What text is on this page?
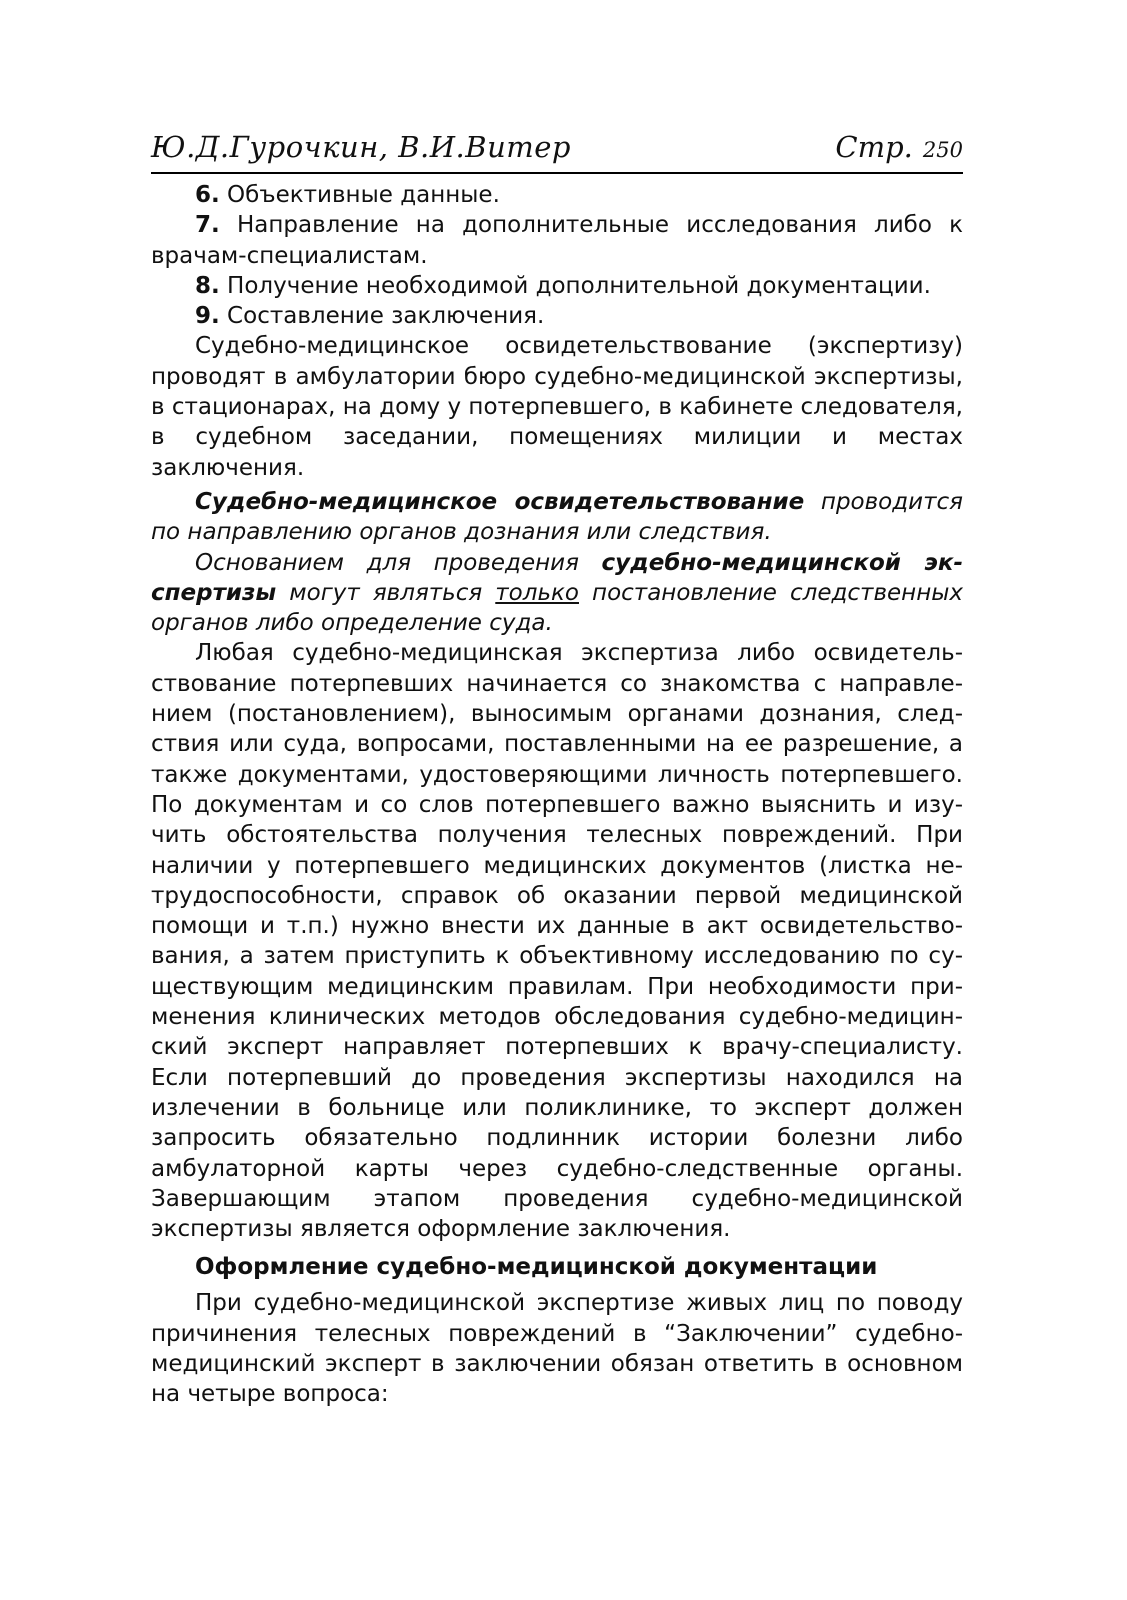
Ю.Д.Гурочкин, В.И.Витер	Стр. 250

6. Объективные данные.

7. Направление на дополнительные исследования либо к врачам-специалистам.

8. Получение необходимой дополнительной документации.

9. Составление заключения.

Судебно-медицинское освидетельствование (экспертизу) проводят в амбулатории бюро судебно-медицинской экспертизы, в стационарах, на дому у потерпевшего, в кабинете следователя, в судебном заседании, помещениях милиции и местах заключения.

Судебно-медицинское освидетельствование проводится по направлению органов дознания или следствия.

Основанием для проведения судебно-медицинской экспертизы могут являться только постановление следственных органов либо определение суда.

Любая судебно-медицинская экспертиза либо освидетельствование потерпевших начинается со знакомства с направлением (постановлением), выносимым органами дознания, следствия или суда, вопросами, поставленными на ее разрешение, а также документами, удостоверяющими личность потерпевшего. По документам и со слов потерпевшего важно выяснить и изучить обстоятельства получения телесных повреждений. При наличии у потерпевшего медицинских документов (листка нетрудоспособности, справок об оказании первой медицинской помощи и т.п.) нужно внести их данные в акт освидетельствования, а затем приступить к объективному исследованию по существующим медицинским правилам. При необходимости применения клинических методов обследования судебно-медицинский эксперт направляет потерпевших к врачу-специалисту. Если потерпевший до проведения экспертизы находился на излечении в больнице или поликлинике, то эксперт должен запросить обязательно подлинник истории болезни либо амбулаторной карты через судебно-следственные органы. Завершающим этапом проведения судебно-медицинской экспертизы является оформление заключения.

Оформление судебно-медицинской документации

При судебно-медицинской экспертизе живых лиц по поводу причинения телесных повреждений в “Заключении” судебно-медицинский эксперт в заключении обязан ответить в основном на четыре вопроса:
